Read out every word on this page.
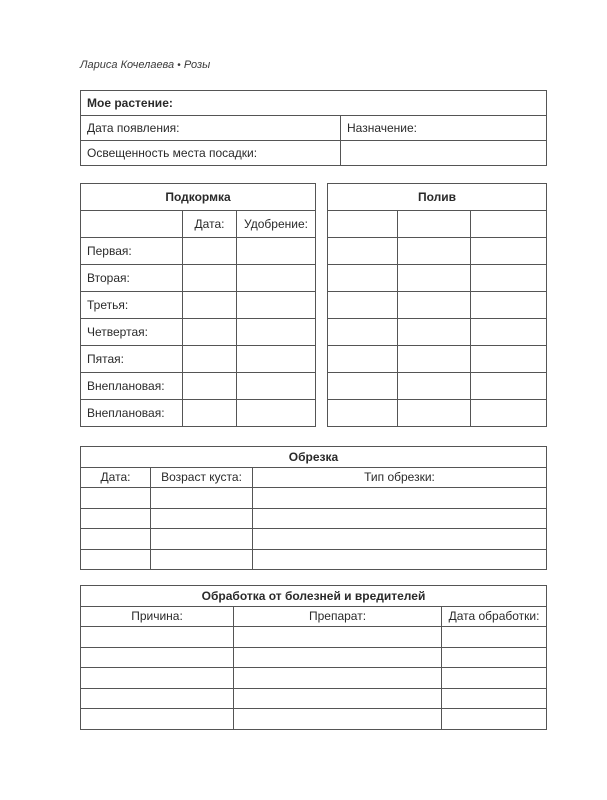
Лариса Кочелаева • Розы
Мое растение:	
Дата появления:	Назначение:
Освещенность места посадки:	
Подкормка		
	Дата:	Удобрение:
Первая:		
Вторая:		
Третья:		
Четвертая:		
Пятая:		
Внеплановая:		
Внеплановая:		
Полив		

Обрезка		
Дата:	Возраст куста:	Тип обрезки:

Обработка от болезней и вредителей		
Причина:	Препарат:	Дата обработки:
